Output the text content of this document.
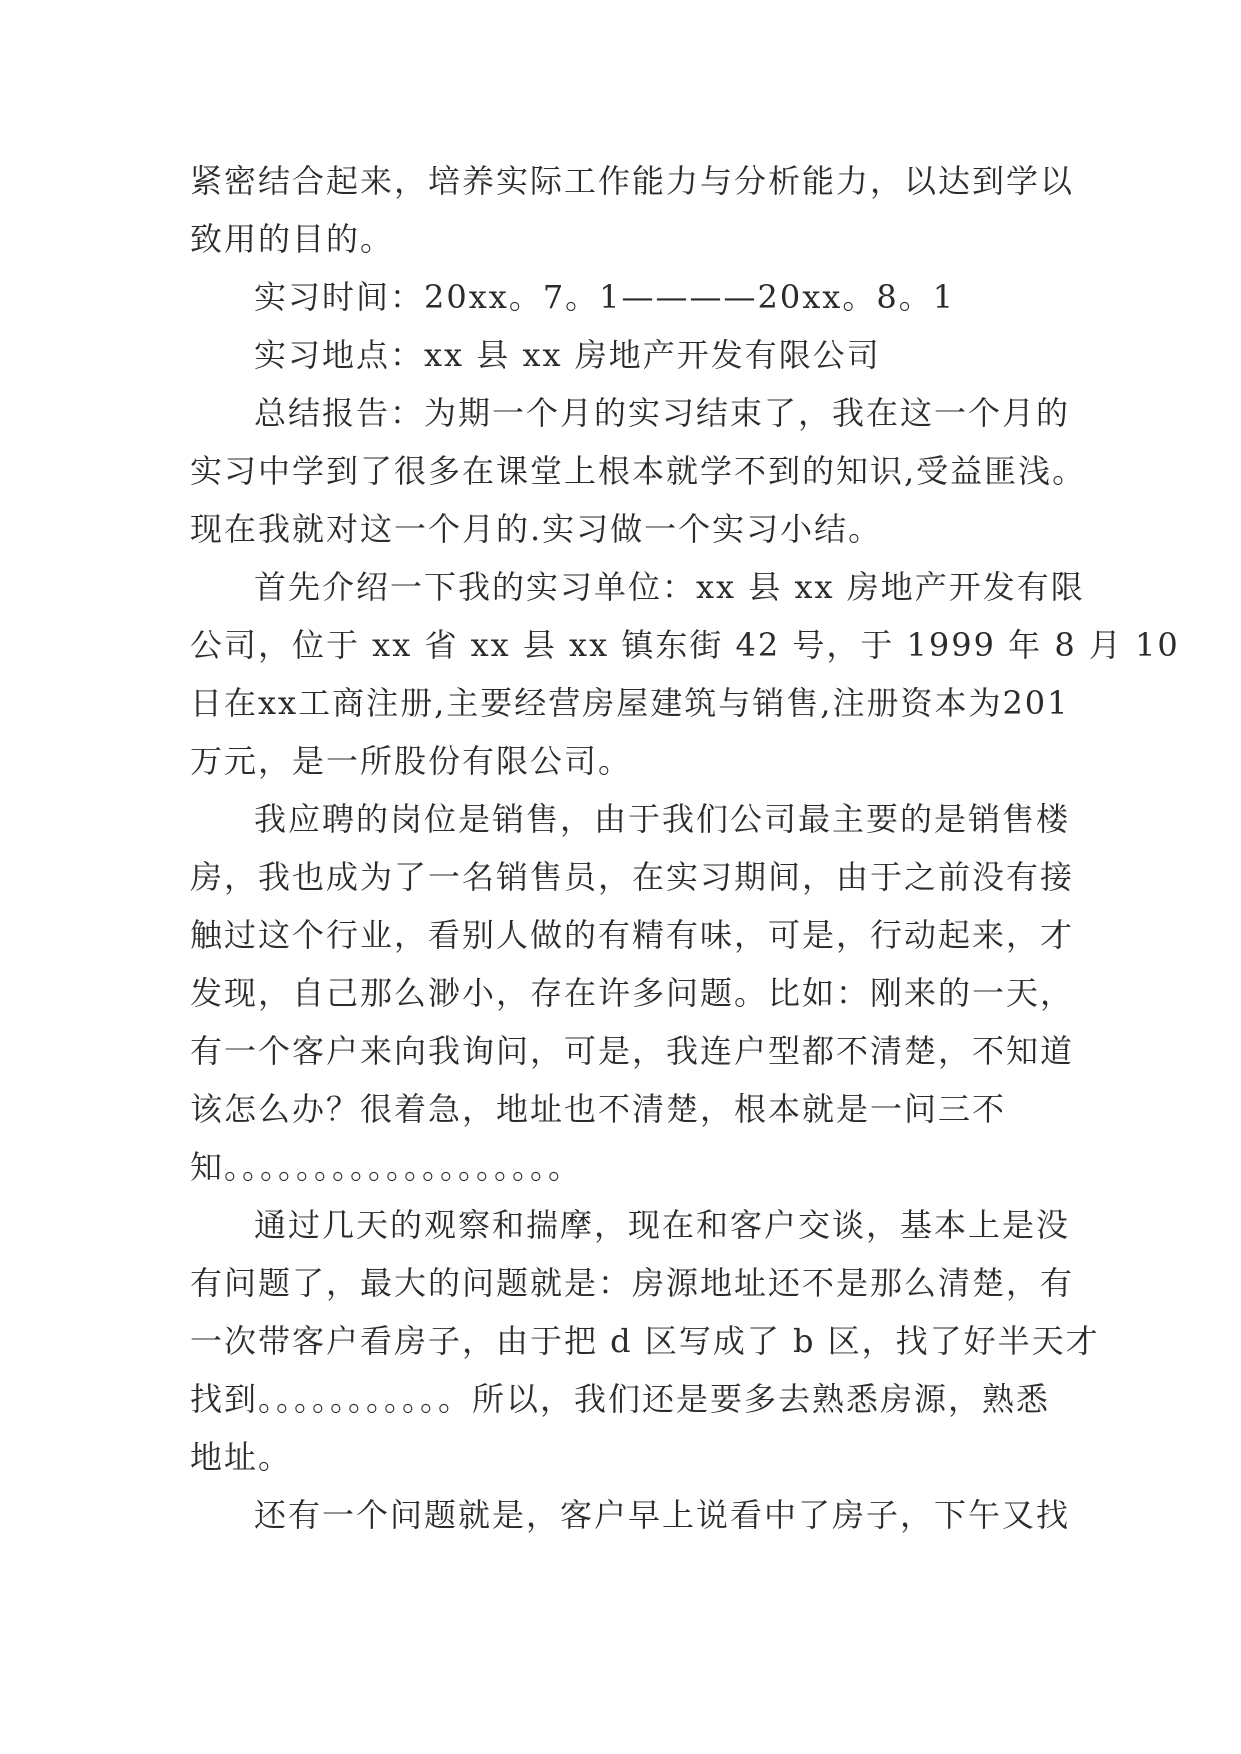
紧密结合起来，培养实际工作能力与分析能力，以达到学以
致用的目的。
实习时间：20xx。7。1————20xx。8。1
实习地点：xx 县 xx 房地产开发有限公司
总结报告：为期一个月的实习结束了，我在这一个月的
实习中学到了很多在课堂上根本就学不到的知识,受益匪浅。
现在我就对这一个月的.实习做一个实习小结。
首先介绍一下我的实习单位：xx 县 xx 房地产开发有限
公司，位于 xx 省 xx 县 xx 镇东街 42 号，于 1999 年 8 月 10
日在xx工商注册,主要经营房屋建筑与销售,注册资本为201
万元，是一所股份有限公司。
我应聘的岗位是销售，由于我们公司最主要的是销售楼
房，我也成为了一名销售员，在实习期间，由于之前没有接
触过这个行业，看别人做的有精有味，可是，行动起来，才
发现，自己那么渺小，存在许多问题。比如：刚来的一天，
有一个客户来向我询问，可是，我连户型都不清楚，不知道
该怎么办？很着急，地址也不清楚，根本就是一问三不
知。。。。。。。。。。。。。。。。。。。
通过几天的观察和揣摩，现在和客户交谈，基本上是没
有问题了，最大的问题就是：房源地址还不是那么清楚，有
一次带客户看房子，由于把 d 区写成了 b 区，找了好半天才
找到。。。。。。。。。。。所以，我们还是要多去熟悉房源，熟悉
地址。
还有一个问题就是，客户早上说看中了房子，下午又找
